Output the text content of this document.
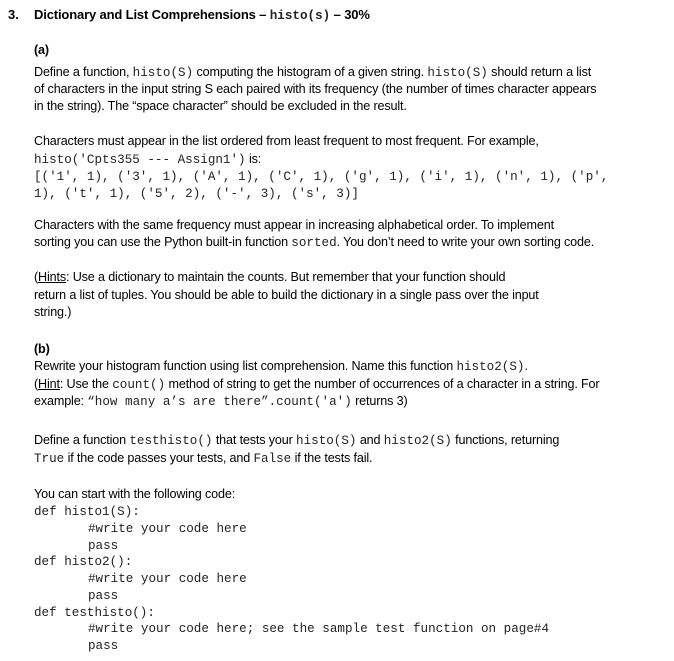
3. Dictionary and List Comprehensions – histo(s) – 30%
(a)
Define a function, histo(S) computing the histogram of a given string. histo(S) should return a list
of characters in the input string S each paired with its frequency (the number of times character appears
in the string). The “space character” should be excluded in the result.
Characters must appear in the list ordered from least frequent to most frequent. For example,
histo('Cpts355 --- Assign1') is:
[('1', 1), ('3', 1), ('A', 1), ('C', 1), ('g', 1), ('i', 1), ('n', 1), ('p',
1), ('t', 1), ('5', 2), ('-', 3), ('s', 3)]
Characters with the same frequency must appear in increasing alphabetical order. To implement
sorting you can use the Python built-in function sorted. You don’t need to write your own sorting code.
(Hints: Use a dictionary to maintain the counts. But remember that your function should
return a list of tuples. You should be able to build the dictionary in a single pass over the input
string.)
(b)
Rewrite your histogram function using list comprehension. Name this function histo2(S).
(Hint: Use the count() method of string to get the number of occurrences of a character in a string. For
example: “how many a’s are there”.count('a') returns 3)
Define a function testhisto() that tests your histo(S) and histo2(S) functions, returning
True if the code passes your tests, and False if the tests fail.
You can start with the following code:
def histo1(S):
#write your code here
pass
def histo2():
#write your code here
pass
def testhisto():
#write your code here; see the sample test function on page#4
pass
